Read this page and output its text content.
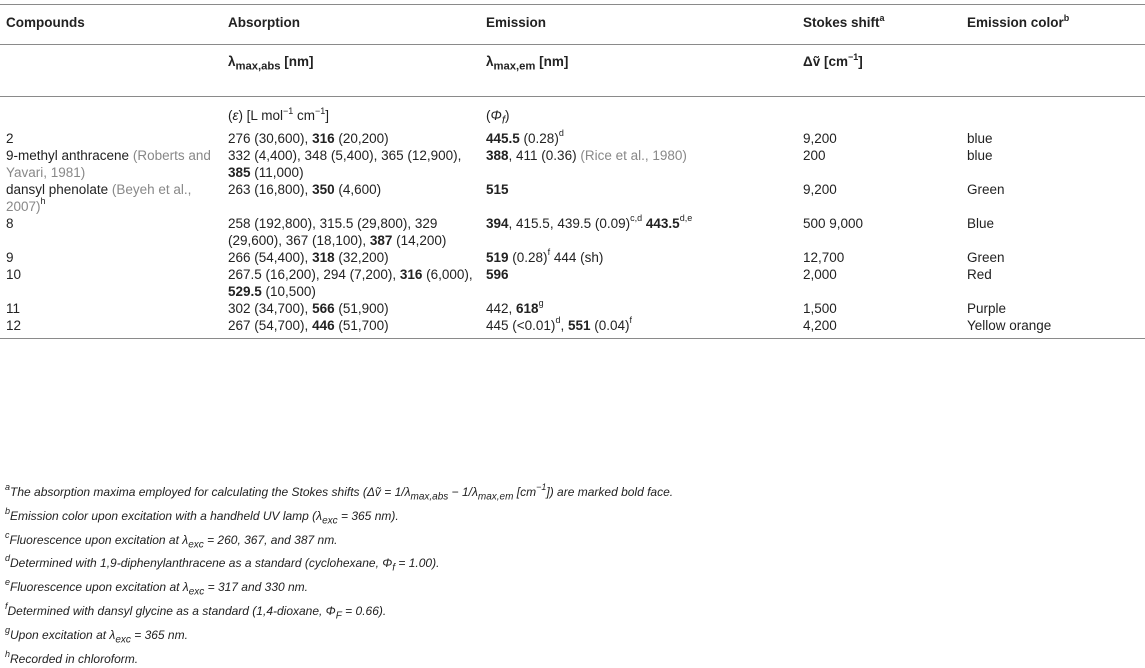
Compounds	Absorption	Emission	Stokes shift$^a$	Emission color$^b$
	$\lambda_{max,abs}$ [nm]	$\lambda_{max,em}$ [nm]	Δṽ $[cm^{-1}]$	
	(ε) [L mol$^{-1}$ $cm^{-1}$]	$(\Phi_f)$		
2	276 (30,600), 316 (20,200)	445.5 $(0.28)^d$	9,200	blue
9-methyl anthracene (Roberts and Yavari, 1981)	332 (4,400), 348 (5,400), 365 (12,900), 385 (11,000)	388, 411 (0.36) (Rice et al., 1980)	200	blue
dansyl phenolate (Beyeh et al., 2007)$^h$	263 (16,800), 350 (4,600)	515	9,200	Green
8	258 (192,800), 315.5 (29,800), 329 (29,600), 367 (18,100), 387 (14,200)	394, 415.5, 439.5 $(0.09)^{c,d}$ 443.5$^{d,e}$	500 9,000	Blue
9	266 (54,400), 318 (32,200)	519 $(0.28)^f$ 444 (sh)	12,700	Green
10	267.5 (16,200), 294 (7,200), 316 (6,000), 529.5 (10,500)	596	2,000	Red
11	302 (34,700), 566 (51,900)	442, 618$^g$	1,500	Purple
12	267 (54,700), 446 (51,700)	445 (<0.01)$^d$, 551 $(0.04)^f$	4,200	Yellow orange
$^a$The absorption maxima employed for calculating the Stokes shifts (Δṽ = $1/\lambda_{max,abs} - 1/\lambda_{max,em}$ $[cm^{-1}]$) are marked bold face.
$^b$Emission color upon excitation with a handheld UV lamp ($\lambda_{exc} = 365$ nm).
$^c$Fluorescence upon excitation at $\lambda_{exc} = 260$, 367, and 387 nm.
$^d$Determined with 1,9-diphenylanthracene as a standard (cyclohexane, $\Phi_f = 1.00$).
$^e$Fluorescence upon excitation at $\lambda_{exc} = 317$ and 330 nm.
$^f$Determined with dansyl glycine as a standard (1,4-dioxane, $\Phi_F = 0.66$).
$^g$Upon excitation at $\lambda_{exc} = 365$ nm.
$^h$Recorded in chloroform.
